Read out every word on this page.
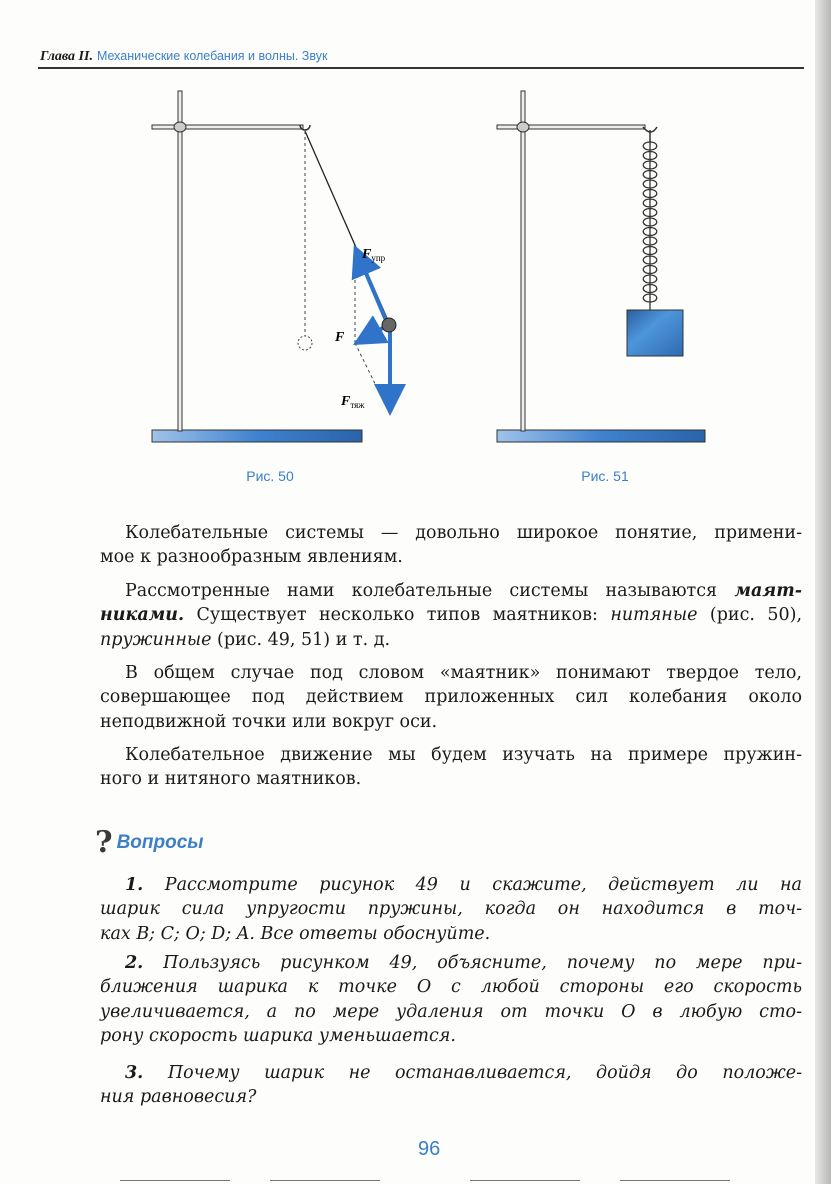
Глава II. Механические колебания и волны. Звук
$F_{упр}$
F
$F_{тяж}$
Рис. 50	Рис. 51
Колебательные системы — довольно широкое понятие, примени-
мое к разнообразным явлениям.
Рассмотренные нами колебательные системы называются маят-
никами. Существует несколько типов маятников: нитяные (рис. 50),
пружинные (рис. 49, 51) и т. д.
В общем случае под словом «маятник» понимают твердое тело,
совершающее под действием приложенных сил колебания около
неподвижной точки или вокруг оси.
Колебательное движение мы будем изучать на примере пружин-
ного и нитяного маятников.
? Вопросы
1. Рассмотрите рисунок 49 и скажите, действует ли на
шарик сила упругости пружины, когда он находится в точ-
ках B; C; O; D; A. Все ответы обоснуйте.
2. Пользуясь рисунком 49, объясните, почему по мере при-
ближения шарика к точке O с любой стороны его скорость
увеличивается, а по мере удаления от точки O в любую сто-
рону скорость шарика уменьшается.
3. Почему шарик не останавливается, дойдя до положе-
ния равновесия?
96
